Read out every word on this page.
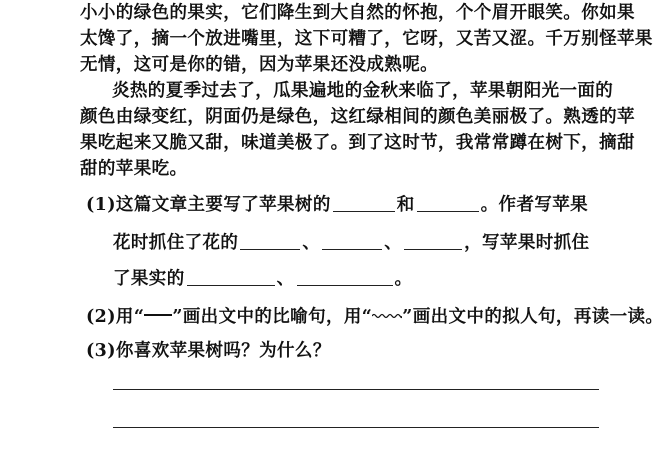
小小的绿色的果实，它们降生到大自然的怀抱，个个眉开眼笑。你如果
太馋了，摘一个放进嘴里，这下可糟了，它呀，又苦又涩。千万别怪苹果
无情，这可是你的错，因为苹果还没成熟呢。
炎热的夏季过去了，瓜果遍地的金秋来临了，苹果朝阳光一面的
颜色由绿变红，阴面仍是绿色，这红绿相间的颜色美丽极了。熟透的苹
果吃起来又脆又甜，味道美极了。到了这时节，我常常蹲在树下，摘甜
甜的苹果吃。
(1)这篇文章主要写了苹果树的	和	。作者写苹果
花时抓住了花的	、	、	，写苹果时抓住
了果实的	、	。
(2)用“ ”画出文中的比喻句，用“ ”画出文中的拟人句，再读一读。
(3)你喜欢苹果树吗？为什么？
